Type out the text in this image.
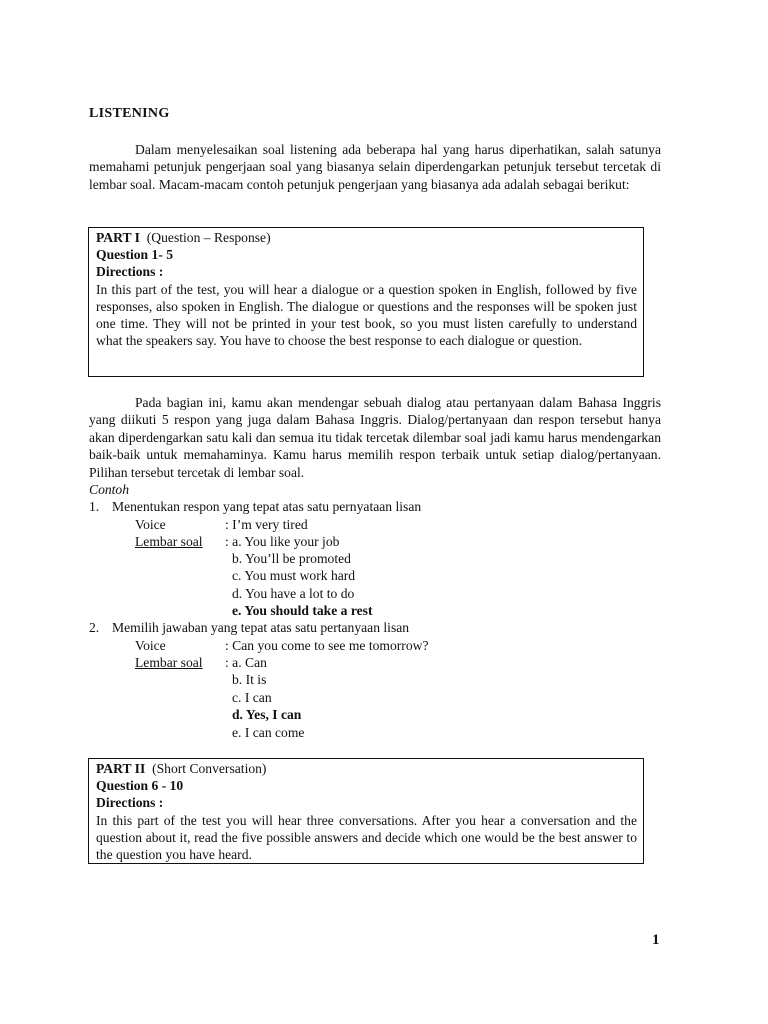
LISTENING

Dalam menyelesaikan soal listening ada beberapa hal yang harus diperhatikan, salah satunya memahami petunjuk pengerjaan soal yang biasanya selain diperdengarkan petunjuk tersebut tercetak di lembar soal. Macam-macam contoh petunjuk pengerjaan yang biasanya ada adalah sebagai berikut:

PART I (Question – Response)
Question 1- 5
Directions :
In this part of the test, you will hear a dialogue or a question spoken in English, followed by five responses, also spoken in English. The dialogue or questions and the responses will be spoken just one time. They will not be printed in your test book, so you must listen carefully to understand what the speakers say. You have to choose the best response to each dialogue or question.

Pada bagian ini, kamu akan mendengar sebuah dialog atau pertanyaan dalam Bahasa Inggris yang diikuti 5 respon yang juga dalam Bahasa Inggris. Dialog/pertanyaan dan respon tersebut hanya akan diperdengarkan satu kali dan semua itu tidak tercetak dilembar soal jadi kamu harus mendengarkan baik-baik untuk memahaminya. Kamu harus memilih respon terbaik untuk setiap dialog/pertanyaan. Pilihan tersebut tercetak di lembar soal.

Contoh
1. Menentukan respon yang tepat atas satu pernyataan lisan
Voice	: I’m very tired
Lembar soal : a. You like your job
b. You’ll be promoted
c. You must work hard
d. You have a lot to do
e. You should take a rest
2. Memilih jawaban yang tepat atas satu pertanyaan lisan
Voice	: Can you come to see me tomorrow?
Lembar soal : a. Can
b. It is
c. I can
d. Yes, I can
e. I can come
PART II (Short Conversation)
Question 6 - 10
Directions :
In this part of the test you will hear three conversations. After you hear a conversation and the question about it, read the five possible answers and decide which one would be the best answer to the question you have heard.
1
